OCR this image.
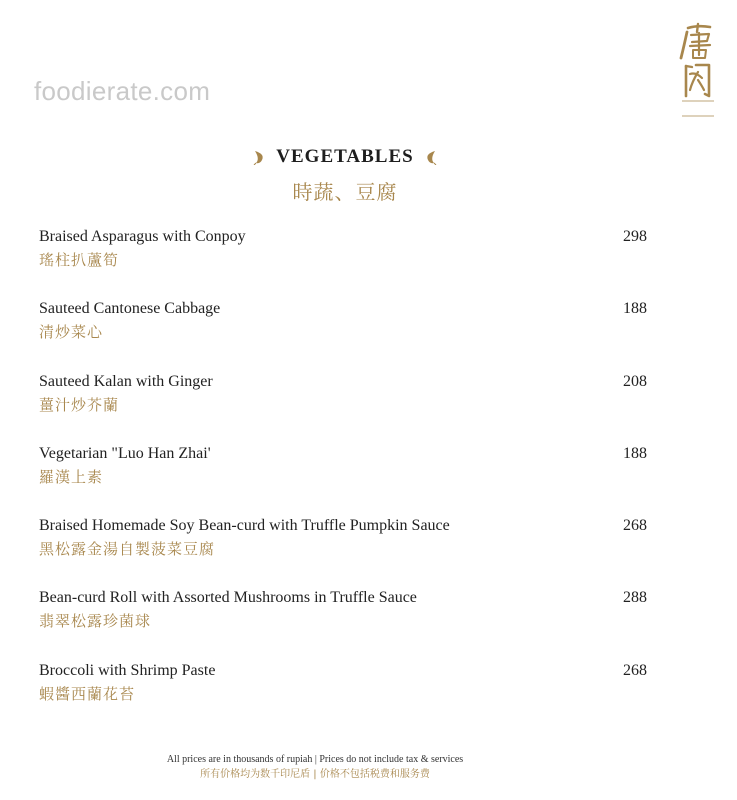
foodierate.com
VEGETABLES
時蔬、豆腐
Braised Asparagus with Conpoy
瑤柱扒蘆筍
298
Sauteed Cantonese Cabbage
清炒菜心
188
Sauteed Kalan with Ginger
薑汁炒芥蘭
208
Vegetarian "Luo Han Zhai'
羅漢上素
188
Braised Homemade Soy Bean-curd with Truffle Pumpkin Sauce
黑松露金湯自製菠菜豆腐
268
Bean-curd Roll with Assorted Mushrooms in Truffle Sauce
翡翠松露珍菌球
288
Broccoli with Shrimp Paste
蝦醬西蘭花苔
268
All prices are in thousands of rupiah | Prices do not include tax & services
所有价格均为数千印尼盾 | 价格不包括税费和服务费
